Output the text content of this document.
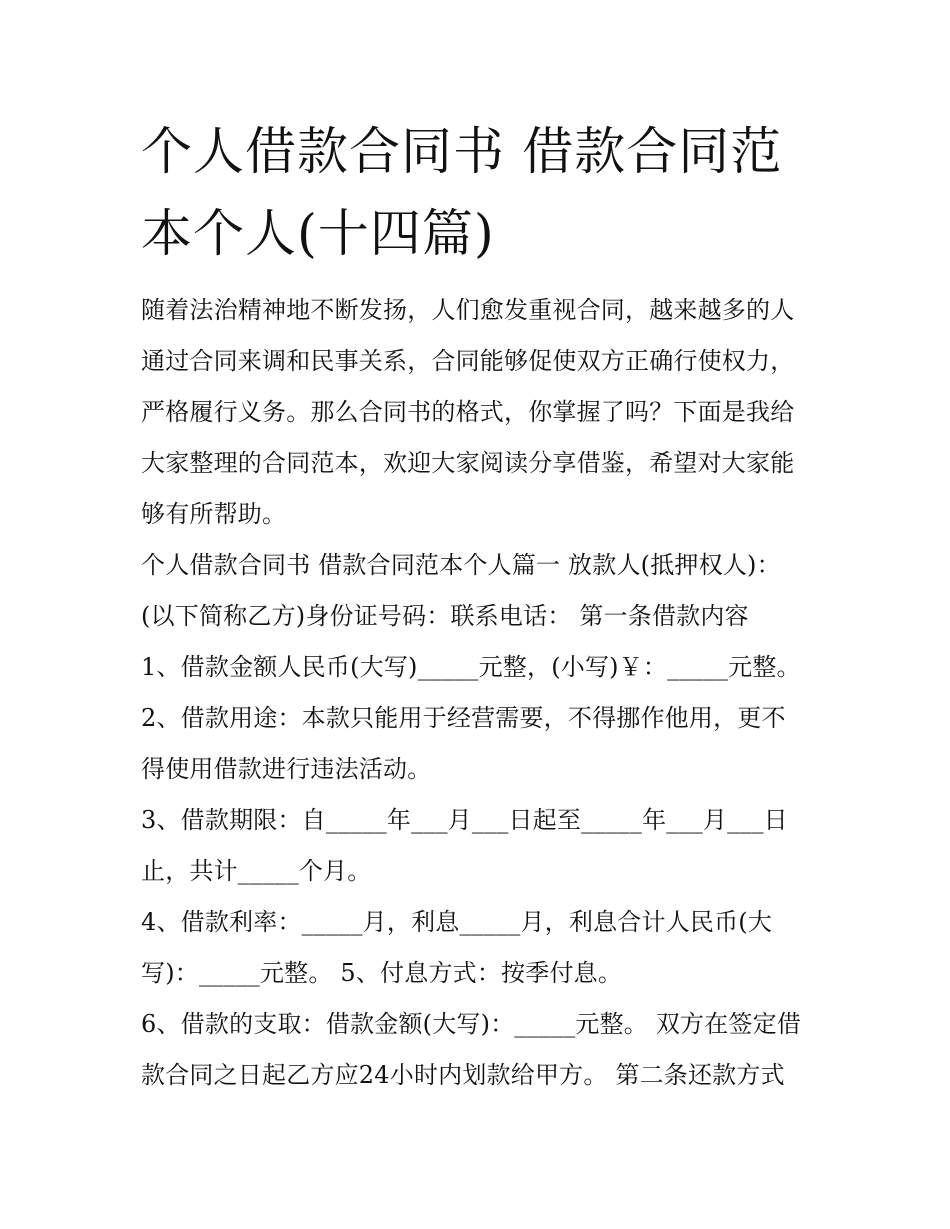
个人借款合同书 借款合同范本个人(十四篇)
随着法治精神地不断发扬，人们愈发重视合同，越来越多的人
通过合同来调和民事关系，合同能够促使双方正确行使权力，
严格履行义务。那么合同书的格式，你掌握了吗？下面是我给
大家整理的合同范本，欢迎大家阅读分享借鉴，希望对大家能
够有所帮助。
个人借款合同书 借款合同范本个人篇一 放款人(抵押权人)：
(以下简称乙方)身份证号码：联系电话： 第一条借款内容
1、借款金额人民币(大写)_____元整，(小写)￥：_____元整。
2、借款用途：本款只能用于经营需要，不得挪作他用，更不
得使用借款进行违法活动。
3、借款期限：自_____年___月___日起至_____年___月___日
止，共计_____个月。
4、借款利率：_____月，利息_____月，利息合计人民币(大
写)：_____元整。 5、付息方式：按季付息。
6、借款的支取：借款金额(大写)：_____元整。 双方在签定借
款合同之日起乙方应24小时内划款给甲方。 第二条还款方式
